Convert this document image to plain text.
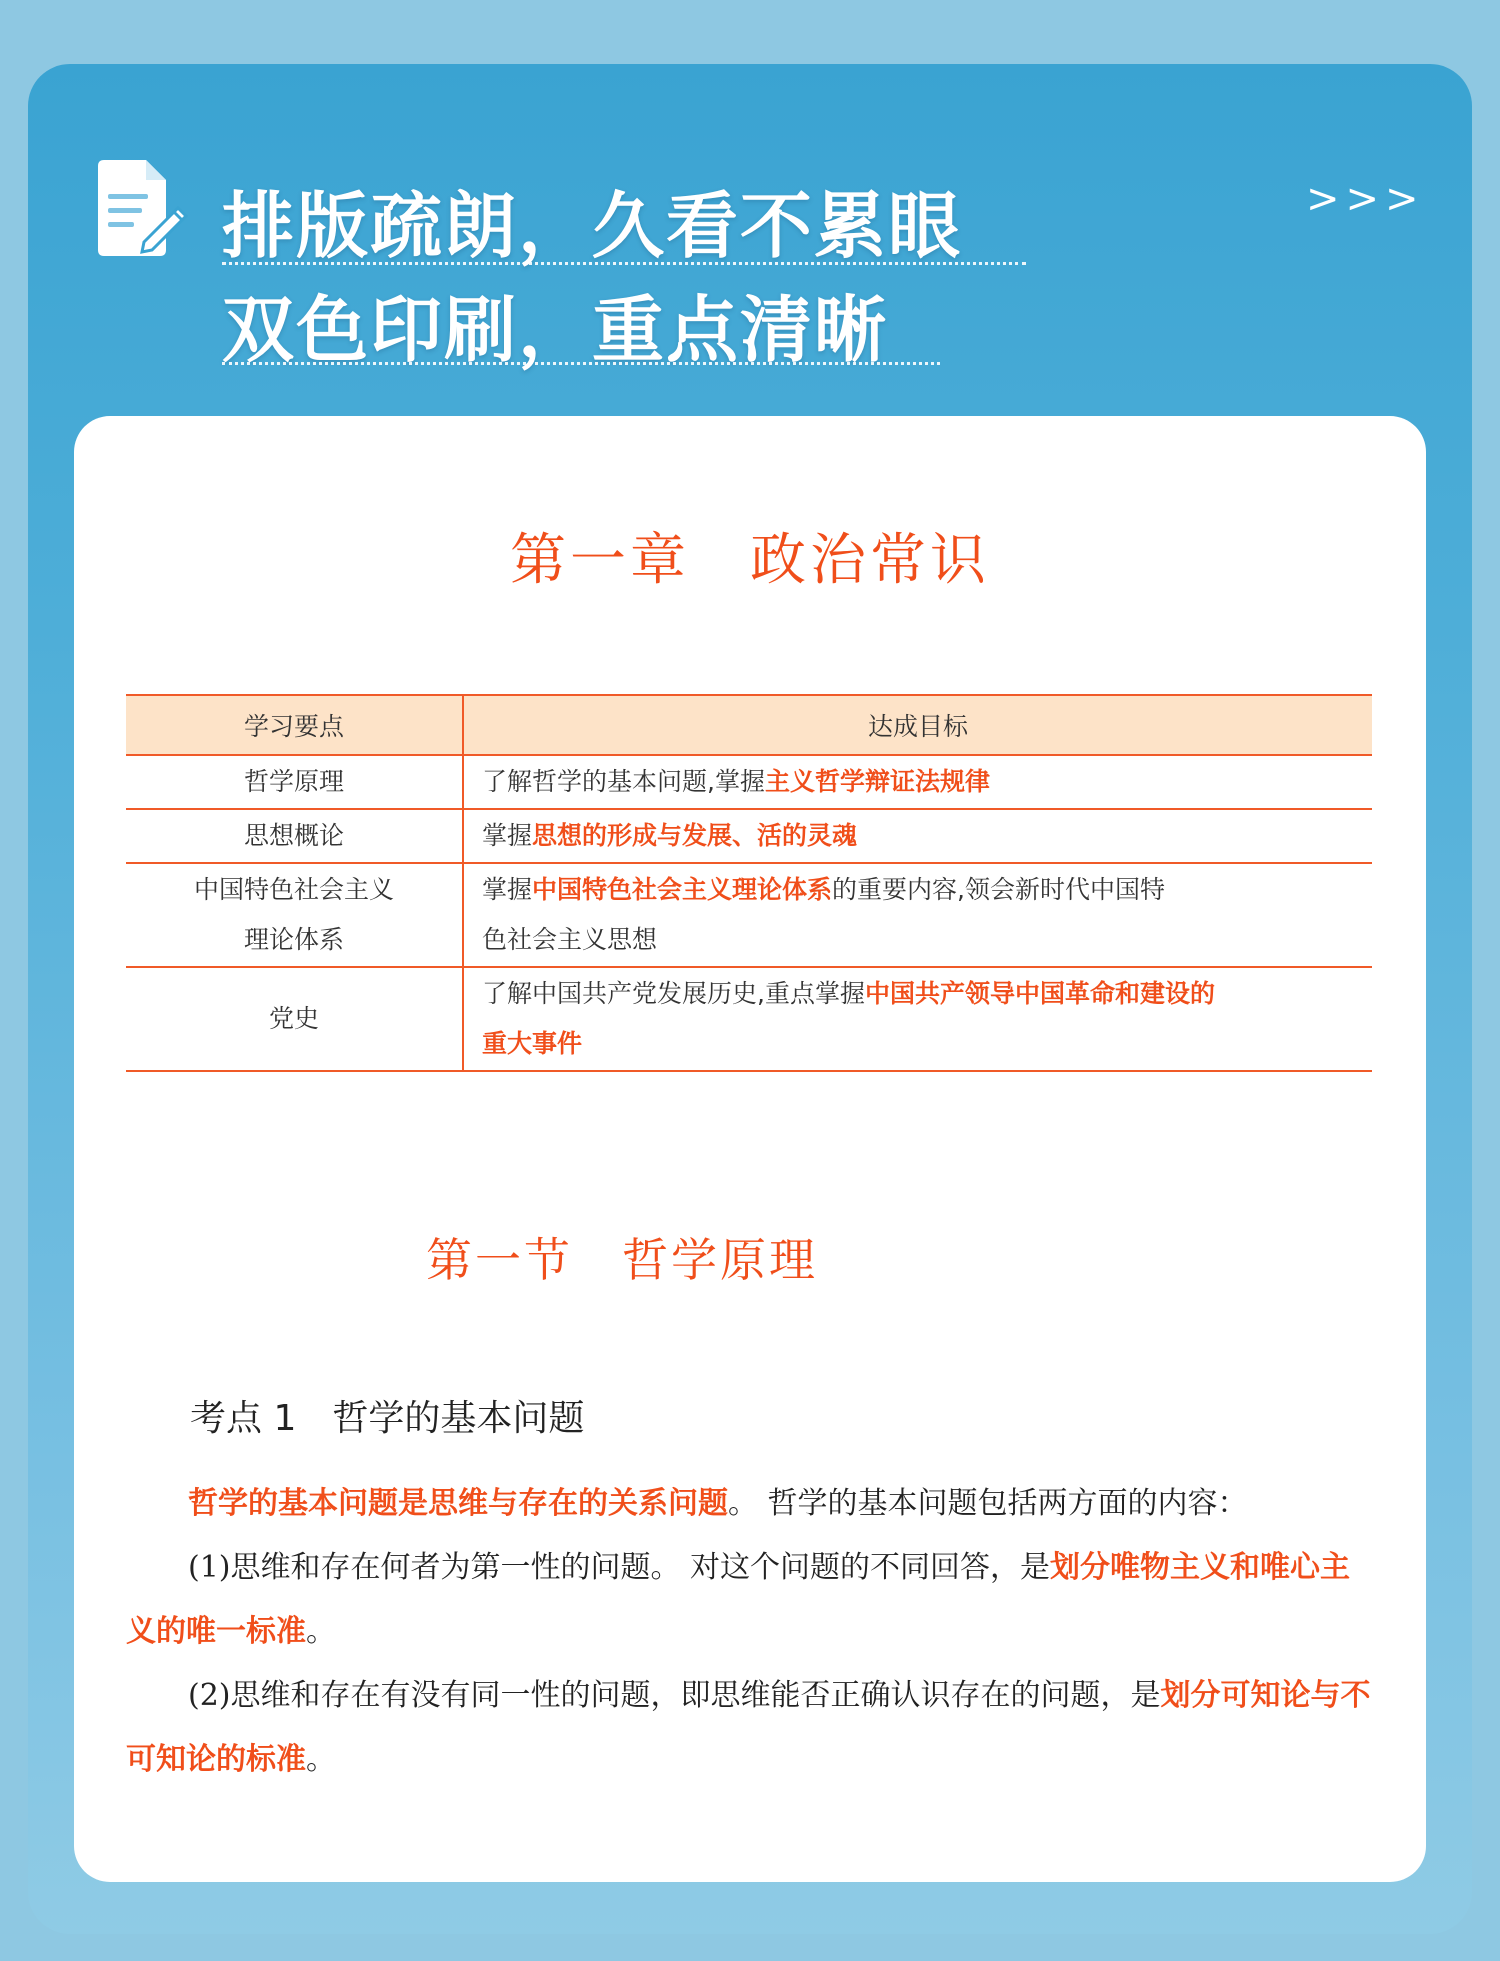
排版疏朗，久看不累眼
双色印刷，重点清晰
>>>
第一章　政治常识
学习要点	达成目标
哲学原理	了解哲学的基本问题,掌握主义哲学辩证法规律
思想概论	掌握思想的形成与发展、活的灵魂
中国特色社会主义
理论体系	掌握中国特色社会主义理论体系的重要内容,领会新时代中国特
色社会主义思想
党史	了解中国共产党发展历史,重点掌握中国共产领导中国革命和建设的
重大事件
第一节　哲学原理
考点 1　哲学的基本问题

哲学的基本问题是思维与存在的关系问题。 哲学的基本问题包括两方面的内容：

(1)思维和存在何者为第一性的问题。 对这个问题的不同回答，是划分唯物主义和唯心主义的唯一标准。

(2)思维和存在有没有同一性的问题，即思维能否正确认识存在的问题，是划分可知论与不可知论的标准。
